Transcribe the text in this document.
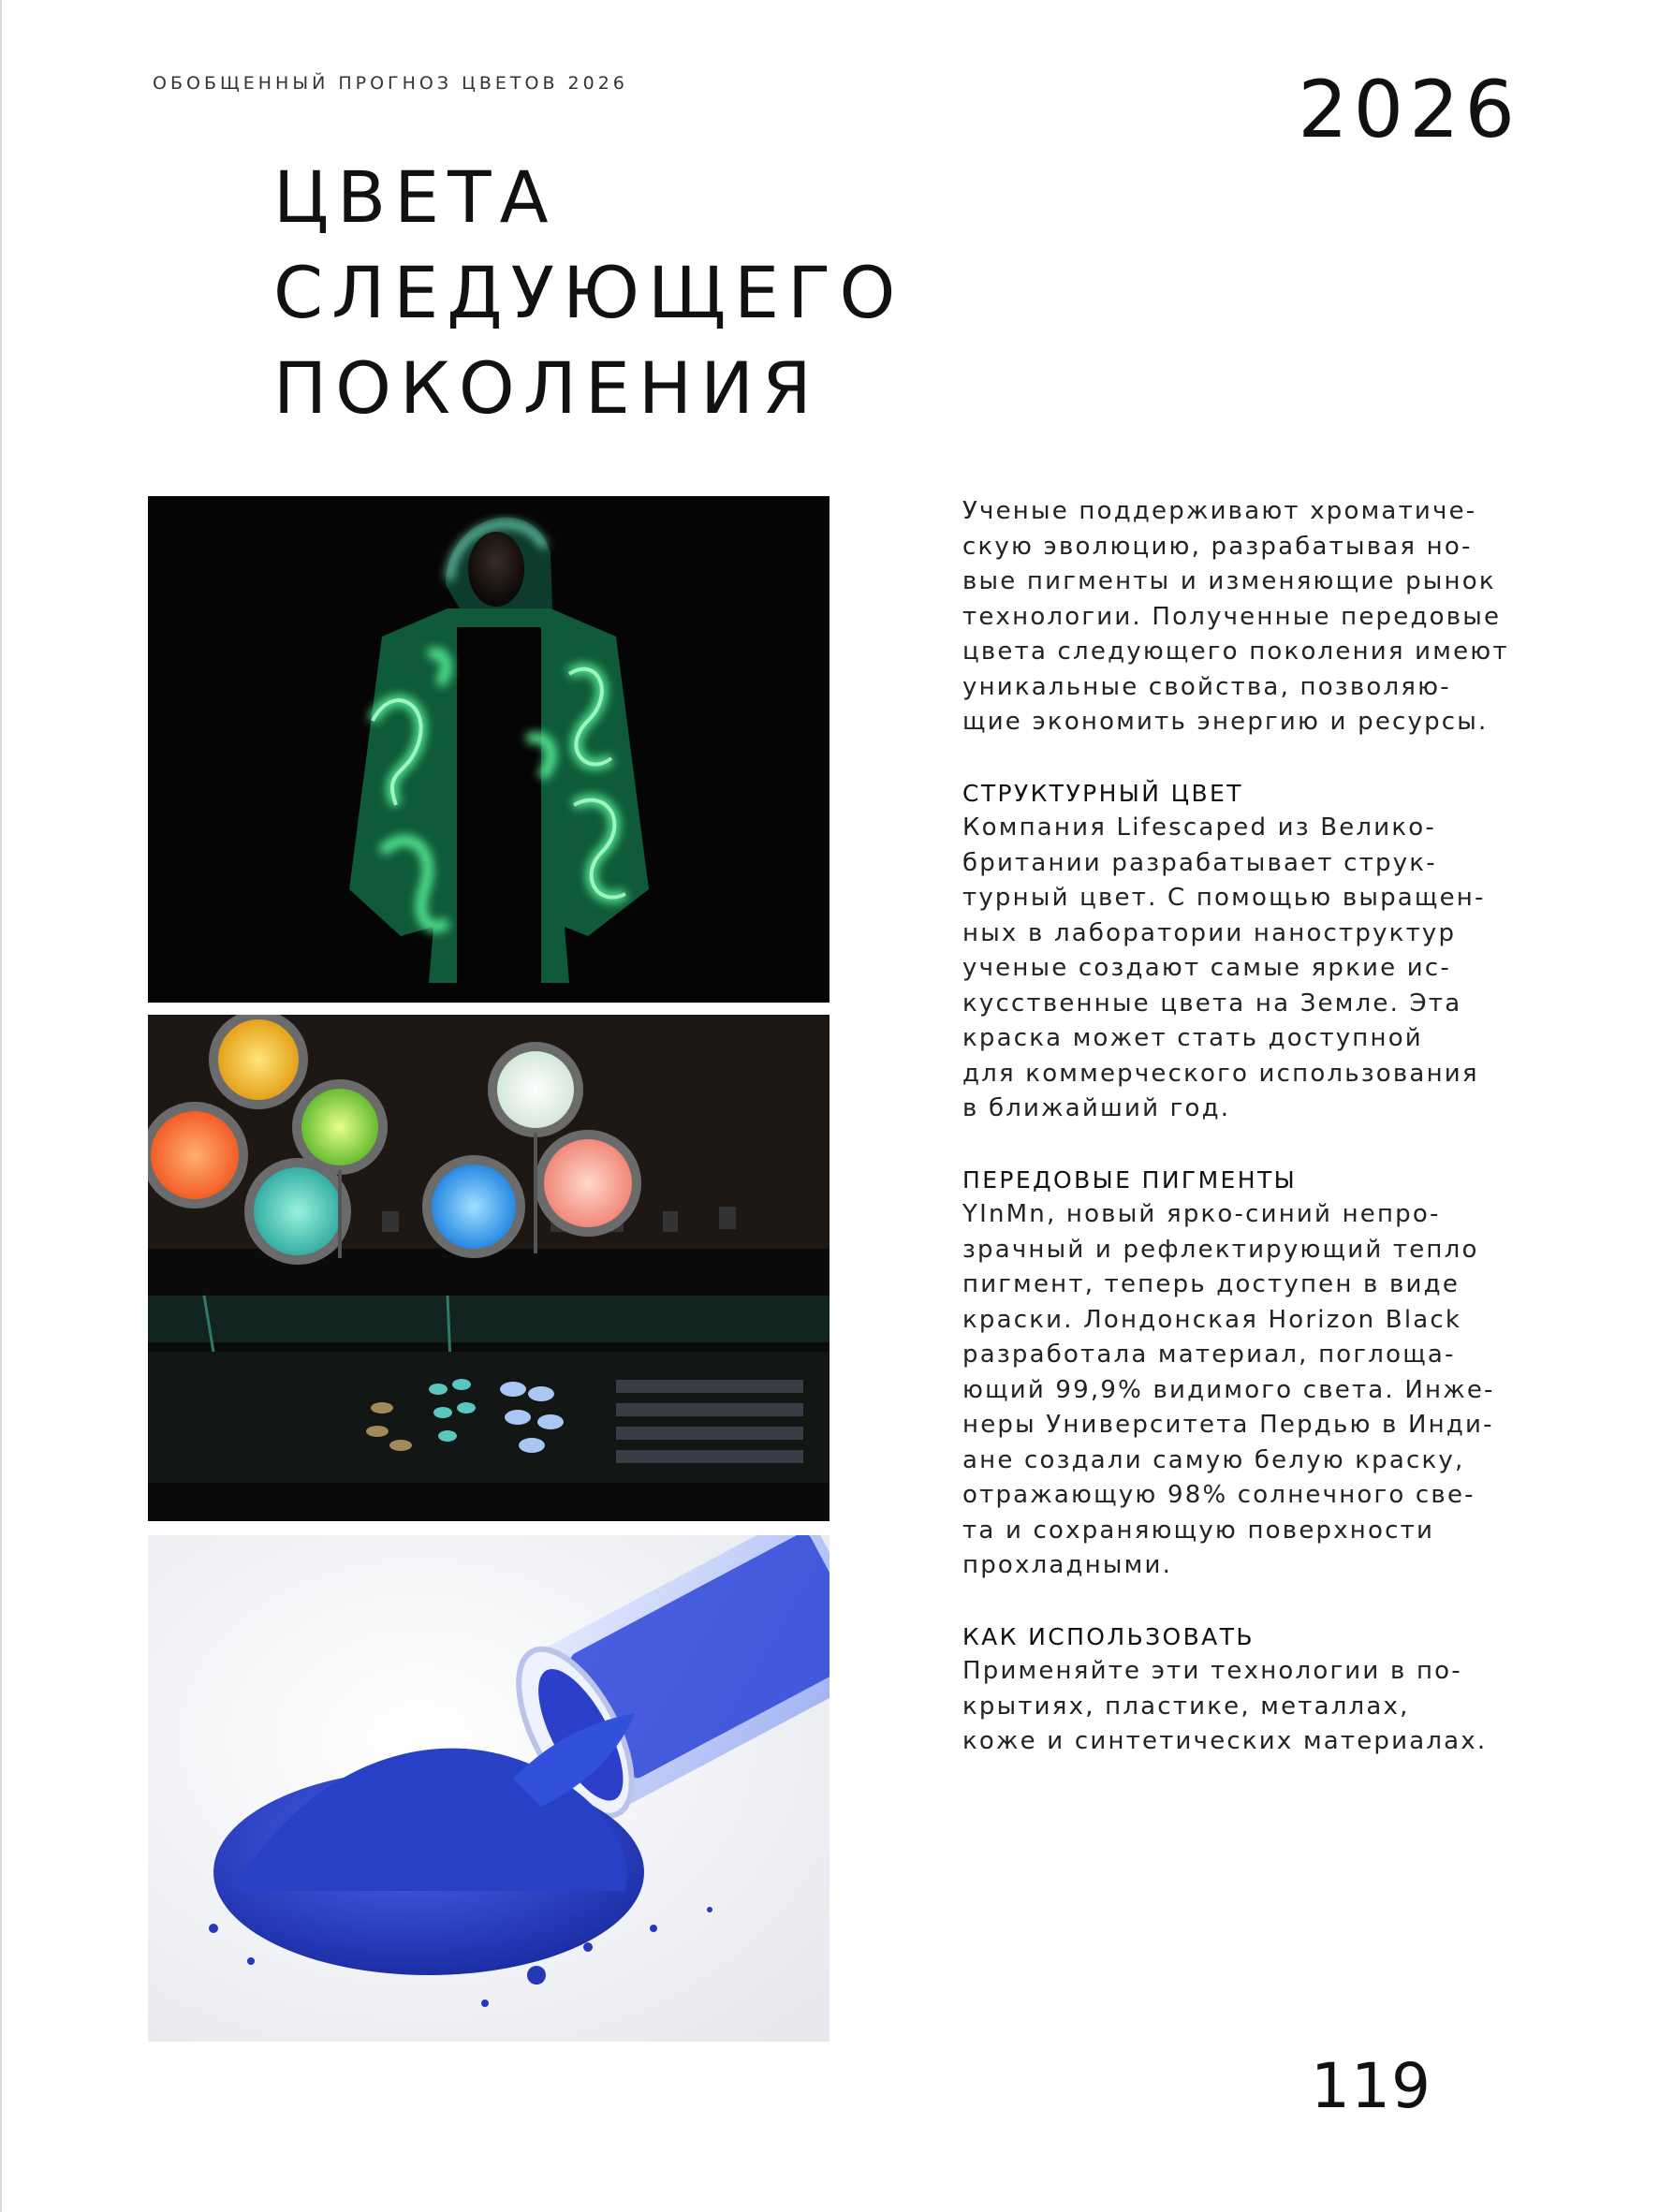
ОБОБЩЕННЫЙ ПРОГНОЗ ЦВЕТОВ 2026	2026
ЦВЕТА СЛЕДУЮЩЕГО
ПОКОЛЕНИЯ

Ученые поддерживают хроматиче-
скую эволюцию, разрабатывая но-
вые пигменты и изменяющие рынок
технологии. Полученные передовые
цвета следующего поколения имеют
уникальные свойства, позволяю-
щие экономить энергию и ресурсы.

СТРУКТУРНЫЙ ЦВЕТ

Компания Lifescaped из Велико-
британии разрабатывает струк-
турный цвет. С помощью выращен-
ных в лаборатории наноструктур
ученые создают самые яркие ис-
кусственные цвета на Земле. Эта
краска может стать доступной
для коммерческого использования
в ближайший год.

ПЕРЕДОВЫЕ ПИГМЕНТЫ

YInMn, новый ярко-синий непро-
зрачный и рефлектирующий тепло
пигмент, теперь доступен в виде
краски. Лондонская Horizon Black
разработала материал, поглоща-
ющий 99,9% видимого света. Инже-
неры Университета Пердью в Инди-
ане создали самую белую краску,
отражающую 98% солнечного све-
та и сохраняющую поверхности
прохладными.

КАК ИСПОЛЬЗОВАТЬ

Применяйте эти технологии в по-
крытиях, пластике, металлах,
коже и синтетических материалах.

119
